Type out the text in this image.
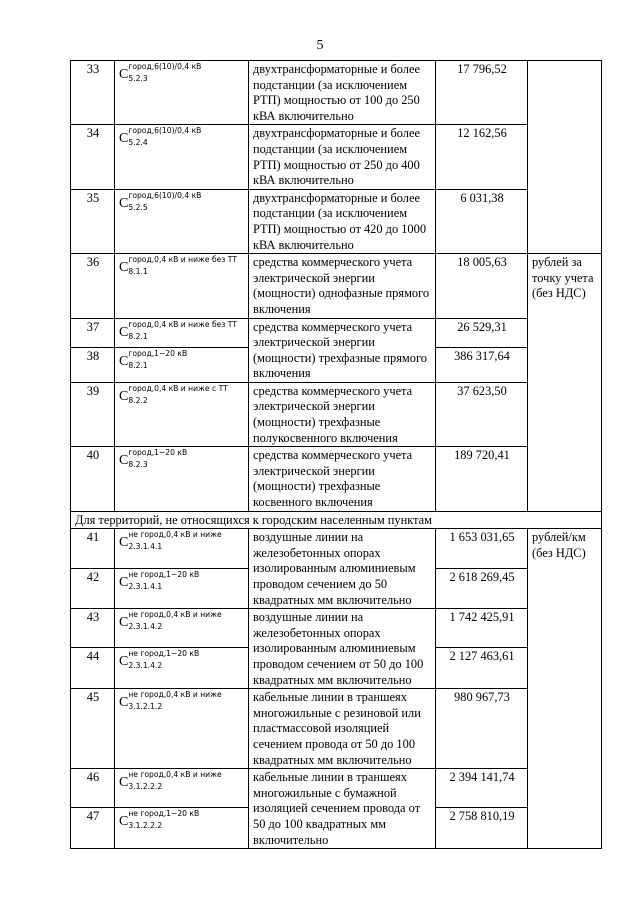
5
33	C
город,6(10)/0,4 кВ
5.2.3	двухтрансформаторные и более подстанции (за исключением РТП) мощностью от 100 до 250 кВА включительно	17 796,52	
34	C
город,6(10)/0,4 кВ
5.2.4	двухтрансформаторные и более подстанции (за исключением РТП) мощностью от 250 до 400 кВА включительно	12 162,56	
35	C
город,6(10)/0,4 кВ
5.2.5	двухтрансформаторные и более подстанции (за исключением РТП) мощностью от 420 до 1000 кВА включительно	6 031,38	
36	C
город,0,4 кВ и ниже без ТТ
8.1.1	средства коммерческого учета электрической энергии (мощности) однофазные прямого включения	18 005,63	рублей за точку учета (без НДС)
37	C
город,0,4 кВ и ниже без ТТ
8.2.1	средства коммерческого учета электрической энергии (мощности) трехфазные прямого включения	26 529,31	
38	C
город,1−20 кВ
8.2.1		386 317,64	
39	C
город,0,4 кВ и ниже с ТТ
8.2.2	средства коммерческого учета электрической энергии (мощности) трехфазные полукосвенного включения	37 623,50	
40	C
город,1−20 кВ
8.2.3	средства коммерческого учета электрической энергии (мощности) трехфазные косвенного включения	189 720,41	
Для территорий, не относящихся к городским населенным пунктам				
41	C
не город,0,4 кВ и ниже
2.3.1.4.1	воздушные линии на железобетонных опорах изолированным алюминиевым проводом сечением до 50 квадратных мм включительно	1 653 031,65	рублей/км (без НДС)
42	C
не город,1−20 кВ
2.3.1.4.1		2 618 269,45	
43	C
не город,0,4 кВ и ниже
2.3.1.4.2	воздушные линии на железобетонных опорах изолированным алюминиевым проводом сечением от 50 до 100 квадратных мм включительно	1 742 425,91	
44	C
не город,1−20 кВ
2.3.1.4.2		2 127 463,61	
45	C
не город,0,4 кВ и ниже
3.1.2.1.2	кабельные линии в траншеях многожильные с резиновой или пластмассовой изоляцией сечением провода от 50 до 100 квадратных мм включительно	980 967,73	
46	C
не город,0,4 кВ и ниже
3.1.2.2.2	кабельные линии в траншеях многожильные с бумажной изоляцией сечением провода от 50 до 100 квадратных мм включительно	2 394 141,74	
47	C
не город,1−20 кВ
3.1.2.2.2		2 758 810,19	
